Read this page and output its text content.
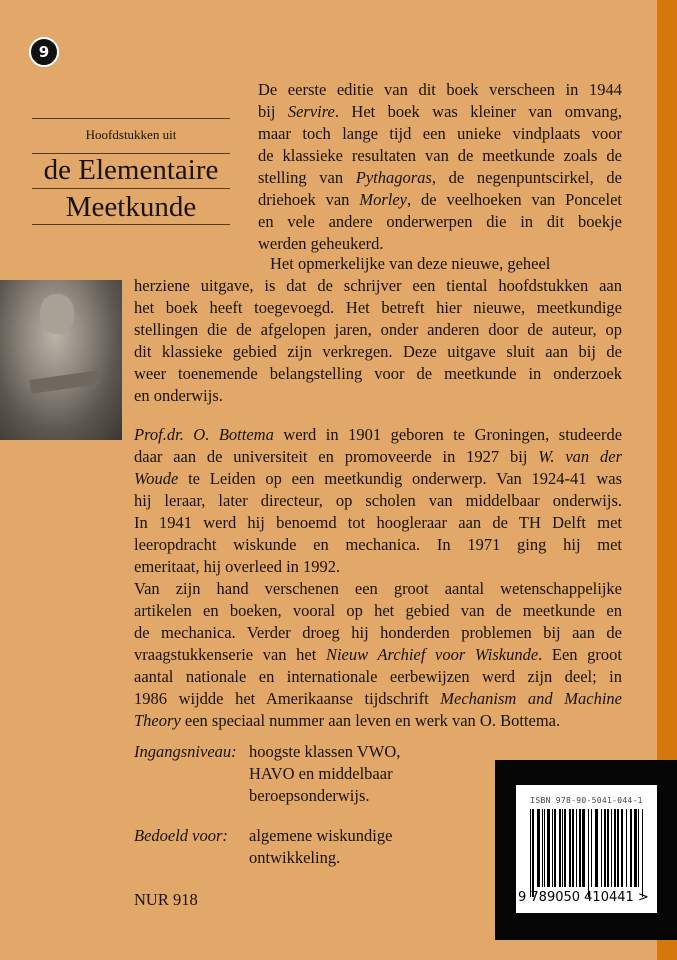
9
Hoofdstukken uit
de Elementaire
Meetkunde
De eerste editie van dit boek verscheen in 1944
bij Servire. Het boek was kleiner van omvang,
maar toch lange tijd een unieke vindplaats voor
de klassieke resultaten van de meetkunde zoals de
stelling van Pythagoras, de negenpuntscirkel, de
driehoek van Morley, de veelhoeken van Poncelet
en vele andere onderwerpen die in dit boekje
werden geheukerd.
Het opmerkelijke van deze nieuwe, geheel
herziene uitgave, is dat de schrijver een tiental hoofdstukken aan
het boek heeft toegevoegd. Het betreft hier nieuwe, meetkundige
stellingen die de afgelopen jaren, onder anderen door de auteur, op
dit klassieke gebied zijn verkregen. Deze uitgave sluit aan bij de
weer toenemende belangstelling voor de meetkunde in onderzoek
en onderwijs.
Prof.dr. O. Bottema werd in 1901 geboren te Groningen, studeerde
daar aan de universiteit en promoveerde in 1927 bij W. van der
Woude te Leiden op een meetkundig onderwerp. Van 1924-41 was
hij leraar, later directeur, op scholen van middelbaar onderwijs.
In 1941 werd hij benoemd tot hoogleraar aan de TH Delft met
leeropdracht wiskunde en mechanica. In 1971 ging hij met
emeritaat, hij overleed in 1992.
Van zijn hand verschenen een groot aantal wetenschappelijke
artikelen en boeken, vooral op het gebied van de meetkunde en
de mechanica. Verder droeg hij honderden problemen bij aan de
vraagstukkenserie van het Nieuw Archief voor Wiskunde. Een groot
aantal nationale en internationale eerbewijzen werd zijn deel; in
1986 wijdde het Amerikaanse tijdschrift Mechanism and Machine
Theory een speciaal nummer aan leven en werk van O. Bottema.
Ingangsniveau: hoogste klassen VWO,
HAVO en middelbaar
beroepsonderwijs.
Bedoeld voor: algemene wiskundige
ontwikkeling.
NUR 918
ISBN 978-90-5041-044-1
9 789050 410441 >
